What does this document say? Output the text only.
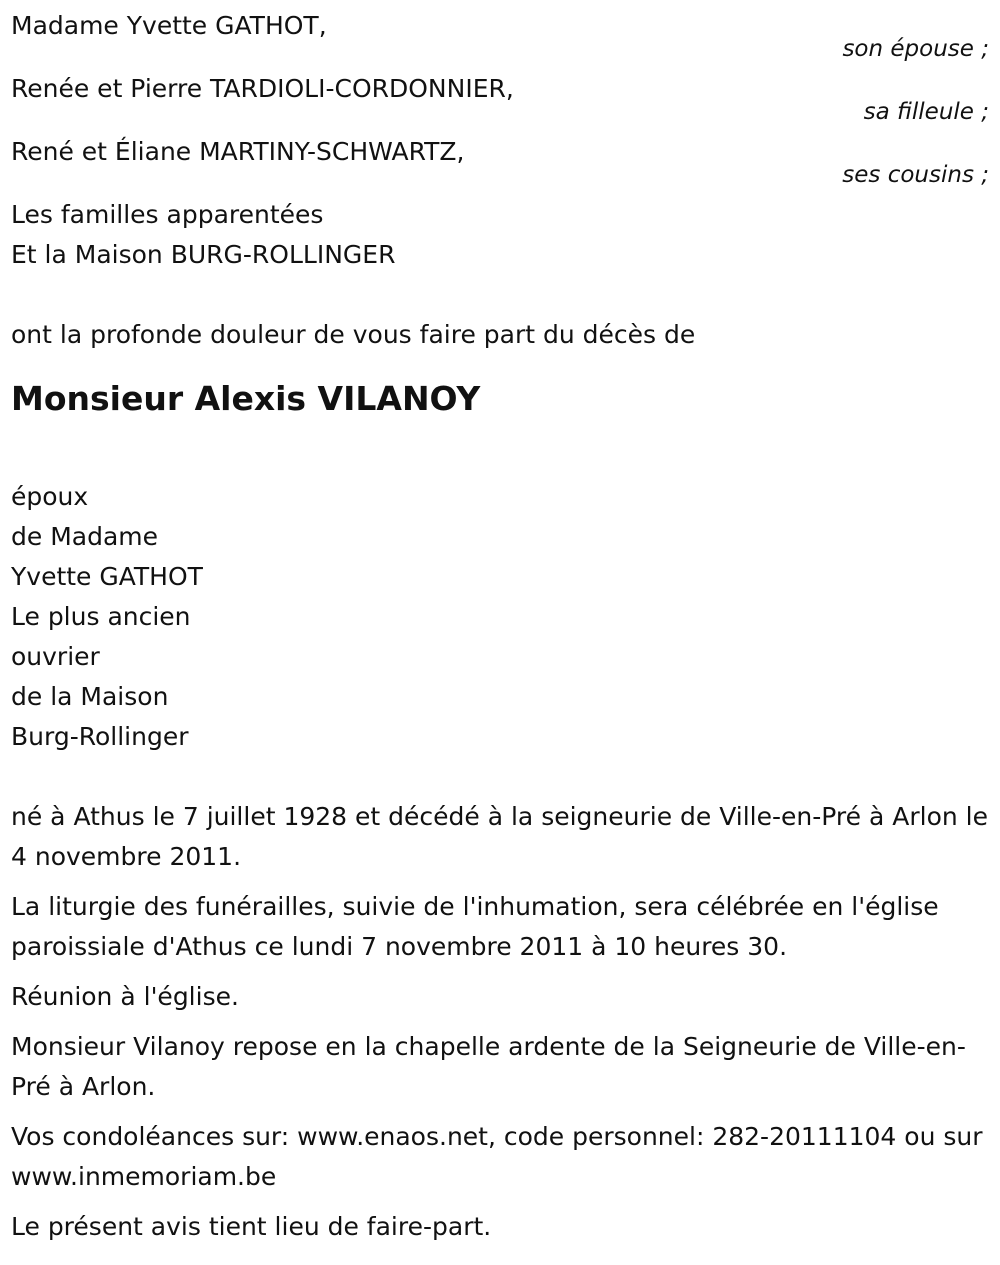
Madame Yvette GATHOT,
son épouse ;
Renée et Pierre TARDIOLI-CORDONNIER,
sa filleule ;
René et Éliane MARTINY-SCHWARTZ,
ses cousins ;
Les familles apparentées
Et la Maison BURG-ROLLINGER
ont la profonde douleur de vous faire part du décès de
Monsieur Alexis VILANOY
époux
de Madame
Yvette GATHOT
Le plus ancien
ouvrier
de la Maison
Burg-Rollinger

né à Athus le 7 juillet 1928 et décédé à la seigneurie de Ville-en-Pré à Arlon le 4 novembre 2011.

La liturgie des funérailles, suivie de l'inhumation, sera célébrée en l'église paroissiale d'Athus ce lundi 7 novembre 2011 à 10 heures 30.

Réunion à l'église.

Monsieur Vilanoy repose en la chapelle ardente de la Seigneurie de Ville-en-Pré à Arlon.

Vos condoléances sur: www.enaos.net, code personnel: 282-20111104 ou sur www.inmemoriam.be

Le présent avis tient lieu de faire-part.
